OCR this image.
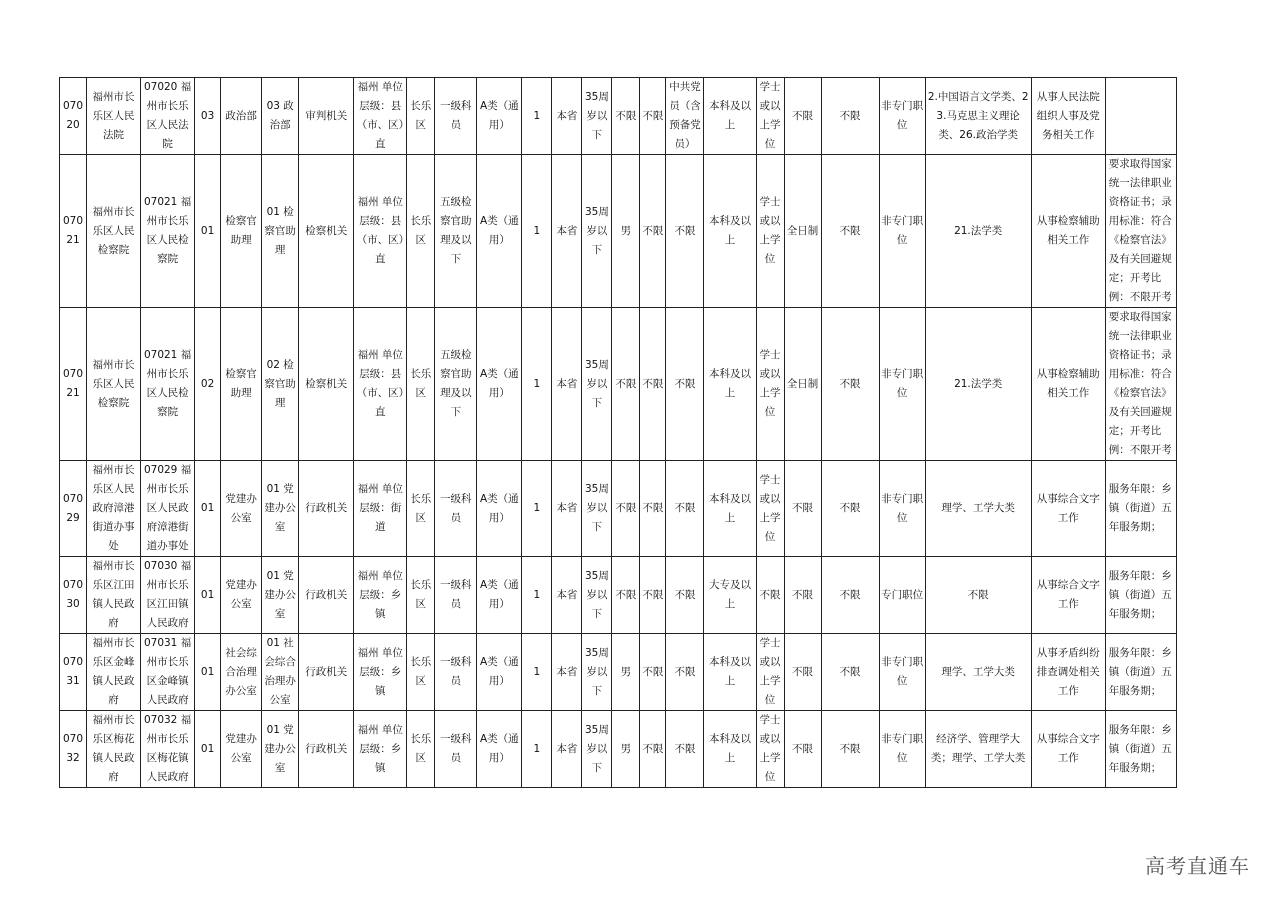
07020	福州市长乐区人民法院	07020 福州市长乐区人民法院	03	政治部	03 政治部	审判机关	福州 单位层级：县（市、区）直	长乐区	一级科员	A类（通用）	1	本省	35周岁以下	不限	不限	中共党员（含预备党员）	本科及以上	学士或以上学位	不限	不限	非专门职位	2.中国语言文学类、23.马克思主义理论类、26.政治学类	从事人民法院组织人事及党务相关工作	
07021	福州市长乐区人民检察院	07021 福州市长乐区人民检察院	01	检察官助理	01 检察官助理	检察机关	福州 单位层级：县（市、区）直	长乐区	五级检察官助理及以下	A类（通用）	1	本省	35周岁以下	男	不限	不限	本科及以上	学士或以上学位	全日制	不限	非专门职位	21.法学类	从事检察辅助相关工作	要求取得国家统一法律职业资格证书；录用标准：符合《检察官法》及有关回避规定；开考比例：不限开考
07021	福州市长乐区人民检察院	07021 福州市长乐区人民检察院	02	检察官助理	02 检察官助理	检察机关	福州 单位层级：县（市、区）直	长乐区	五级检察官助理及以下	A类（通用）	1	本省	35周岁以下	不限	不限	不限	本科及以上	学士或以上学位	全日制	不限	非专门职位	21.法学类	从事检察辅助相关工作	要求取得国家统一法律职业资格证书；录用标准：符合《检察官法》及有关回避规定；开考比例：不限开考
07029	福州市长乐区人民政府漳港街道办事处	07029 福州市长乐区人民政府漳港街道办事处	01	党建办公室	01 党建办公室	行政机关	福州 单位层级：街道	长乐区	一级科员	A类（通用）	1	本省	35周岁以下	不限	不限	不限	本科及以上	学士或以上学位	不限	不限	非专门职位	理学、工学大类	从事综合文字工作	服务年限：乡镇（街道）五年服务期；
07030	福州市长乐区江田镇人民政府	07030 福州市长乐区江田镇人民政府	01	党建办公室	01 党建办公室	行政机关	福州 单位层级：乡镇	长乐区	一级科员	A类（通用）	1	本省	35周岁以下	不限	不限	不限	大专及以上	不限	不限	不限	专门职位	不限	从事综合文字工作	服务年限：乡镇（街道）五年服务期；
07031	福州市长乐区金峰镇人民政府	07031 福州市长乐区金峰镇人民政府	01	社会综合治理办公室	01 社会综合治理办公室	行政机关	福州 单位层级：乡镇	长乐区	一级科员	A类（通用）	1	本省	35周岁以下	男	不限	不限	本科及以上	学士或以上学位	不限	不限	非专门职位	理学、工学大类	从事矛盾纠纷排查调处相关工作	服务年限：乡镇（街道）五年服务期；
07032	福州市长乐区梅花镇人民政府	07032 福州市长乐区梅花镇人民政府	01	党建办公室	01 党建办公室	行政机关	福州 单位层级：乡镇	长乐区	一级科员	A类（通用）	1	本省	35周岁以下	男	不限	不限	本科及以上	学士或以上学位	不限	不限	非专门职位	经济学、管理学大类；理学、工学大类	从事综合文字工作	服务年限：乡镇（街道）五年服务期；
高考直通车
